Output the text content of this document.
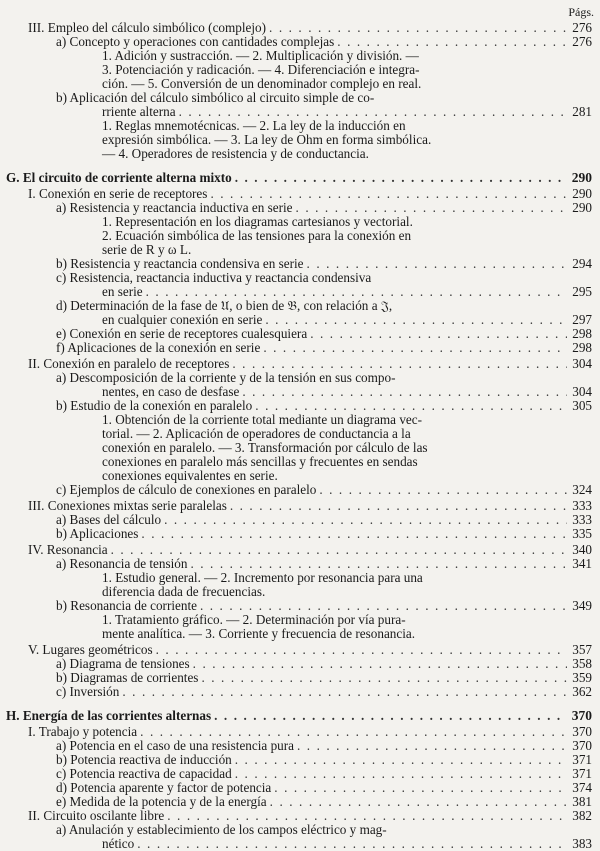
Págs.
III. Empleo del cálculo simbólico (complejo) . . .	276
a) Concepto y operaciones con cantidades complejas . . .	276
1. Adición y sustracción. — 2. Multiplicación y división. —
3. Potenciación y radicación. — 4. Diferenciación e integra-
ción. — 5. Conversión de un denominador complejo en real.
b) Aplicación del cálculo simbólico al circuito simple de co-
rriente alterna . . .	281
1. Reglas mnemotécnicas. — 2. La ley de la inducción en
expresión simbólica. — 3. La ley de Ohm en forma simbólica.
— 4. Operadores de resistencia y de conductancia.
G. El circuito de corriente alterna mixto . . .	290
I. Conexión en serie de receptores . . .	290
a) Resistencia y reactancia inductiva en serie . . .	290
1. Representación en los diagramas cartesianos y vectorial.
2. Ecuación simbólica de las tensiones para la conexión en
serie de R y ω L.
b) Resistencia y reactancia condensiva en serie . . .	294
c) Resistencia, reactancia inductiva y reactancia condensiva
en serie . . .	295
d) Determinación de la fase de 𝔘, o bien de 𝔅, con relación a 𝔍,
en cualquier conexión en serie . . .	297
e) Conexión en serie de receptores cualesquiera . . .	298
f) Aplicaciones de la conexión en serie . . .	298
II. Conexión en paralelo de receptores . . .	304
a) Descomposición de la corriente y de la tensión en sus compo-
nentes, en caso de desfase . . .	304
b) Estudio de la conexión en paralelo . . .	305
1. Obtención de la corriente total mediante un diagrama vec-
torial. — 2. Aplicación de operadores de conductancia a la
conexión en paralelo. — 3. Transformación por cálculo de las
conexiones en paralelo más sencillas y frecuentes en sendas
conexiones equivalentes en serie.
c) Ejemplos de cálculo de conexiones en paralelo . . .	324
III. Conexiones mixtas serie paralelas . . .	333
a) Bases del cálculo . . .	333
b) Aplicaciones . . .	335
IV. Resonancia . . .	340
a) Resonancia de tensión . . .	341
1. Estudio general. — 2. Incremento por resonancia para una
diferencia dada de frecuencias.
b) Resonancia de corriente . . .	349
1. Tratamiento gráfico. — 2. Determinación por vía pura-
mente analítica. — 3. Corriente y frecuencia de resonancia.
V. Lugares geométricos . . .	357
a) Diagrama de tensiones . . .	358
b) Diagramas de corrientes . . .	359
c) Inversión . . .	362
H. Energía de las corrientes alternas . . .	370
I. Trabajo y potencia . . .	370
a) Potencia en el caso de una resistencia pura . . .	370
b) Potencia reactiva de inducción . . .	371
c) Potencia reactiva de capacidad . . .	371
d) Potencia aparente y factor de potencia . . .	374
e) Medida de la potencia y de la energía . . .	381
II. Circuito oscilante libre . . .	382
a) Anulación y establecimiento de los campos eléctrico y mag-
nético . . .	383
